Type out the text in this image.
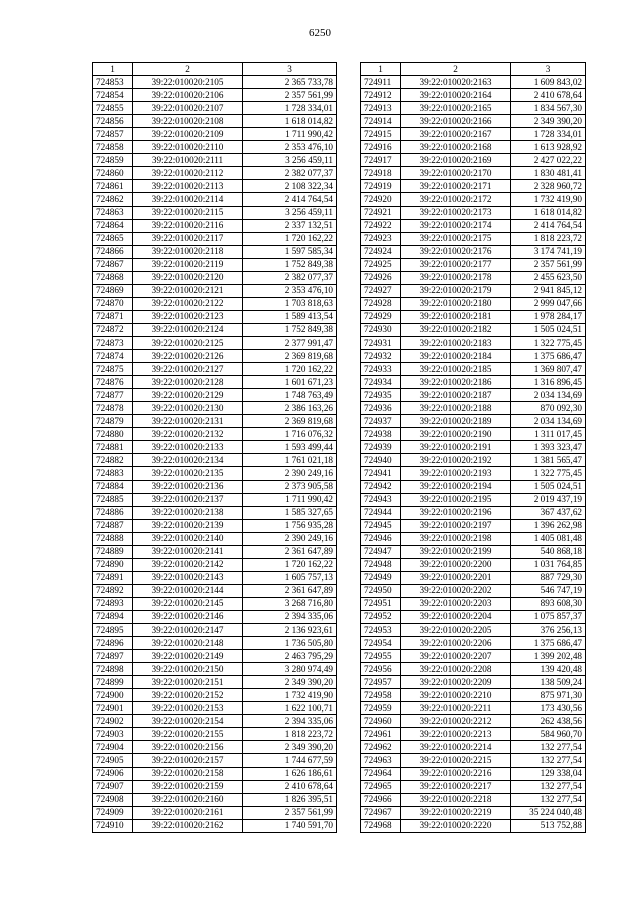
6250
1	2	3
724853	39:22:010020:2105	2 365 733,78
724854	39:22:010020:2106	2 357 561,99
724855	39:22:010020:2107	1 728 334,01
724856	39:22:010020:2108	1 618 014,82
724857	39:22:010020:2109	1 711 990,42
724858	39:22:010020:2110	2 353 476,10
724859	39:22:010020:2111	3 256 459,11
724860	39:22:010020:2112	2 382 077,37
724861	39:22:010020:2113	2 108 322,34
724862	39:22:010020:2114	2 414 764,54
724863	39:22:010020:2115	3 256 459,11
724864	39:22:010020:2116	2 337 132,51
724865	39:22:010020:2117	1 720 162,22
724866	39:22:010020:2118	1 597 585,34
724867	39:22:010020:2119	1 752 849,38
724868	39:22:010020:2120	2 382 077,37
724869	39:22:010020:2121	2 353 476,10
724870	39:22:010020:2122	1 703 818,63
724871	39:22:010020:2123	1 589 413,54
724872	39:22:010020:2124	1 752 849,38
724873	39:22:010020:2125	2 377 991,47
724874	39:22:010020:2126	2 369 819,68
724875	39:22:010020:2127	1 720 162,22
724876	39:22:010020:2128	1 601 671,23
724877	39:22:010020:2129	1 748 763,49
724878	39:22:010020:2130	2 386 163,26
724879	39:22:010020:2131	2 369 819,68
724880	39:22:010020:2132	1 716 076,32
724881	39:22:010020:2133	1 593 499,44
724882	39:22:010020:2134	1 761 021,18
724883	39:22:010020:2135	2 390 249,16
724884	39:22:010020:2136	2 373 905,58
724885	39:22:010020:2137	1 711 990,42
724886	39:22:010020:2138	1 585 327,65
724887	39:22:010020:2139	1 756 935,28
724888	39:22:010020:2140	2 390 249,16
724889	39:22:010020:2141	2 361 647,89
724890	39:22:010020:2142	1 720 162,22
724891	39:22:010020:2143	1 605 757,13
724892	39:22:010020:2144	2 361 647,89
724893	39:22:010020:2145	3 268 716,80
724894	39:22:010020:2146	2 394 335,06
724895	39:22:010020:2147	2 136 923,61
724896	39:22:010020:2148	1 736 505,80
724897	39:22:010020:2149	2 463 795,29
724898	39:22:010020:2150	3 280 974,49
724899	39:22:010020:2151	2 349 390,20
724900	39:22:010020:2152	1 732 419,90
724901	39:22:010020:2153	1 622 100,71
724902	39:22:010020:2154	2 394 335,06
724903	39:22:010020:2155	1 818 223,72
724904	39:22:010020:2156	2 349 390,20
724905	39:22:010020:2157	1 744 677,59
724906	39:22:010020:2158	1 626 186,61
724907	39:22:010020:2159	2 410 678,64
724908	39:22:010020:2160	1 826 395,51
724909	39:22:010020:2161	2 357 561,99
724910	39:22:010020:2162	1 740 591,70
1	2	3
724911	39:22:010020:2163	1 609 843,02
724912	39:22:010020:2164	2 410 678,64
724913	39:22:010020:2165	1 834 567,30
724914	39:22:010020:2166	2 349 390,20
724915	39:22:010020:2167	1 728 334,01
724916	39:22:010020:2168	1 613 928,92
724917	39:22:010020:2169	2 427 022,22
724918	39:22:010020:2170	1 830 481,41
724919	39:22:010020:2171	2 328 960,72
724920	39:22:010020:2172	1 732 419,90
724921	39:22:010020:2173	1 618 014,82
724922	39:22:010020:2174	2 414 764,54
724923	39:22:010020:2175	1 818 223,72
724924	39:22:010020:2176	3 174 741,19
724925	39:22:010020:2177	2 357 561,99
724926	39:22:010020:2178	2 455 623,50
724927	39:22:010020:2179	2 941 845,12
724928	39:22:010020:2180	2 999 047,66
724929	39:22:010020:2181	1 978 284,17
724930	39:22:010020:2182	1 505 024,51
724931	39:22:010020:2183	1 322 775,45
724932	39:22:010020:2184	1 375 686,47
724933	39:22:010020:2185	1 369 807,47
724934	39:22:010020:2186	1 316 896,45
724935	39:22:010020:2187	2 034 134,69
724936	39:22:010020:2188	870 092,30
724937	39:22:010020:2189	2 034 134,69
724938	39:22:010020:2190	1 311 017,45
724939	39:22:010020:2191	1 393 323,47
724940	39:22:010020:2192	1 381 565,47
724941	39:22:010020:2193	1 322 775,45
724942	39:22:010020:2194	1 505 024,51
724943	39:22:010020:2195	2 019 437,19
724944	39:22:010020:2196	367 437,62
724945	39:22:010020:2197	1 396 262,98
724946	39:22:010020:2198	1 405 081,48
724947	39:22:010020:2199	540 868,18
724948	39:22:010020:2200	1 031 764,85
724949	39:22:010020:2201	887 729,30
724950	39:22:010020:2202	546 747,19
724951	39:22:010020:2203	893 608,30
724952	39:22:010020:2204	1 075 857,37
724953	39:22:010020:2205	376 256,13
724954	39:22:010020:2206	1 375 686,47
724955	39:22:010020:2207	1 399 202,48
724956	39:22:010020:2208	139 420,48
724957	39:22:010020:2209	138 509,24
724958	39:22:010020:2210	875 971,30
724959	39:22:010020:2211	173 430,56
724960	39:22:010020:2212	262 438,56
724961	39:22:010020:2213	584 960,70
724962	39:22:010020:2214	132 277,54
724963	39:22:010020:2215	132 277,54
724964	39:22:010020:2216	129 338,04
724965	39:22:010020:2217	132 277,54
724966	39:22:010020:2218	132 277,54
724967	39:22:010020:2219	35 224 040,48
724968	39:22:010020:2220	513 752,88
